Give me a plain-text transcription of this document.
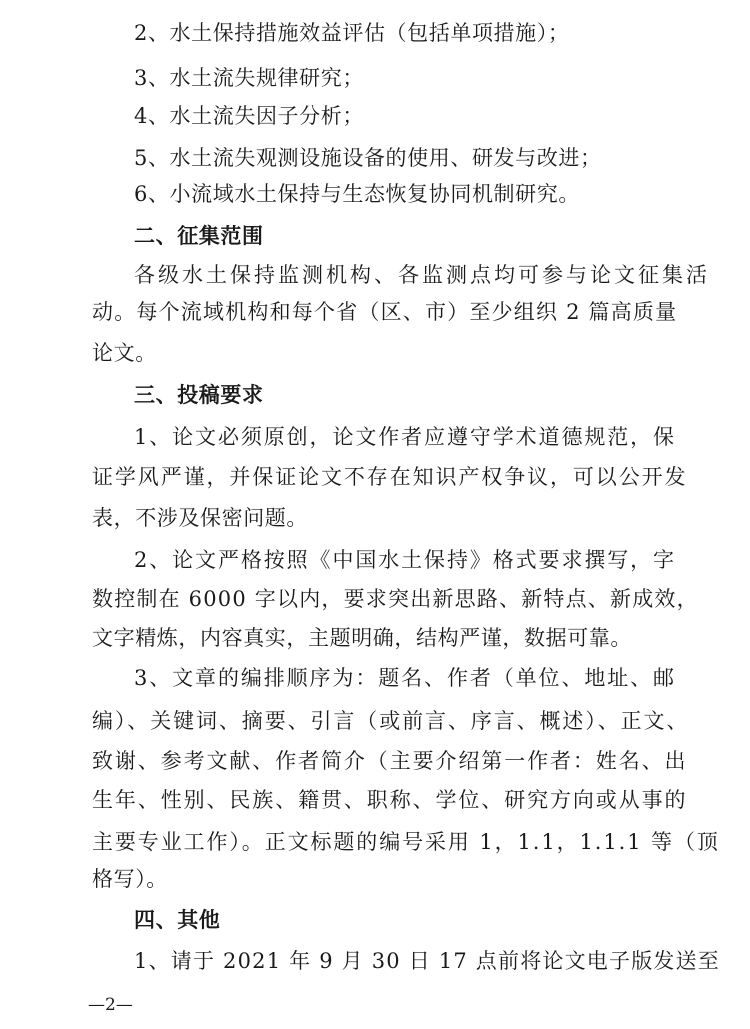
2、水土保持措施效益评估（包括单项措施）；
3、水土流失规律研究；
4、水土流失因子分析；
5、水土流失观测设施设备的使用、研发与改进；
6、小流域水土保持与生态恢复协同机制研究。
二、征集范围
各级水土保持监测机构、各监测点均可参与论文征集活
动。每个流域机构和每个省（区、市）至少组织 2 篇高质量
论文。
三、投稿要求
1、论文必须原创，论文作者应遵守学术道德规范，保
证学风严谨，并保证论文不存在知识产权争议，可以公开发
表，不涉及保密问题。
2、论文严格按照《中国水土保持》格式要求撰写，字
数控制在 6000 字以内，要求突出新思路、新特点、新成效，
文字精炼，内容真实，主题明确，结构严谨，数据可靠。
3、文章的编排顺序为：题名、作者（单位、地址、邮
编）、关键词、摘要、引言（或前言、序言、概述）、正文、
致谢、参考文献、作者简介（主要介绍第一作者：姓名、出
生年、性别、民族、籍贯、职称、学位、研究方向或从事的
主要专业工作）。正文标题的编号采用 1，1.1，1.1.1 等（顶
格写）。
四、其他
1、请于 2021 年 9 月 30 日 17 点前将论文电子版发送至
—2—
